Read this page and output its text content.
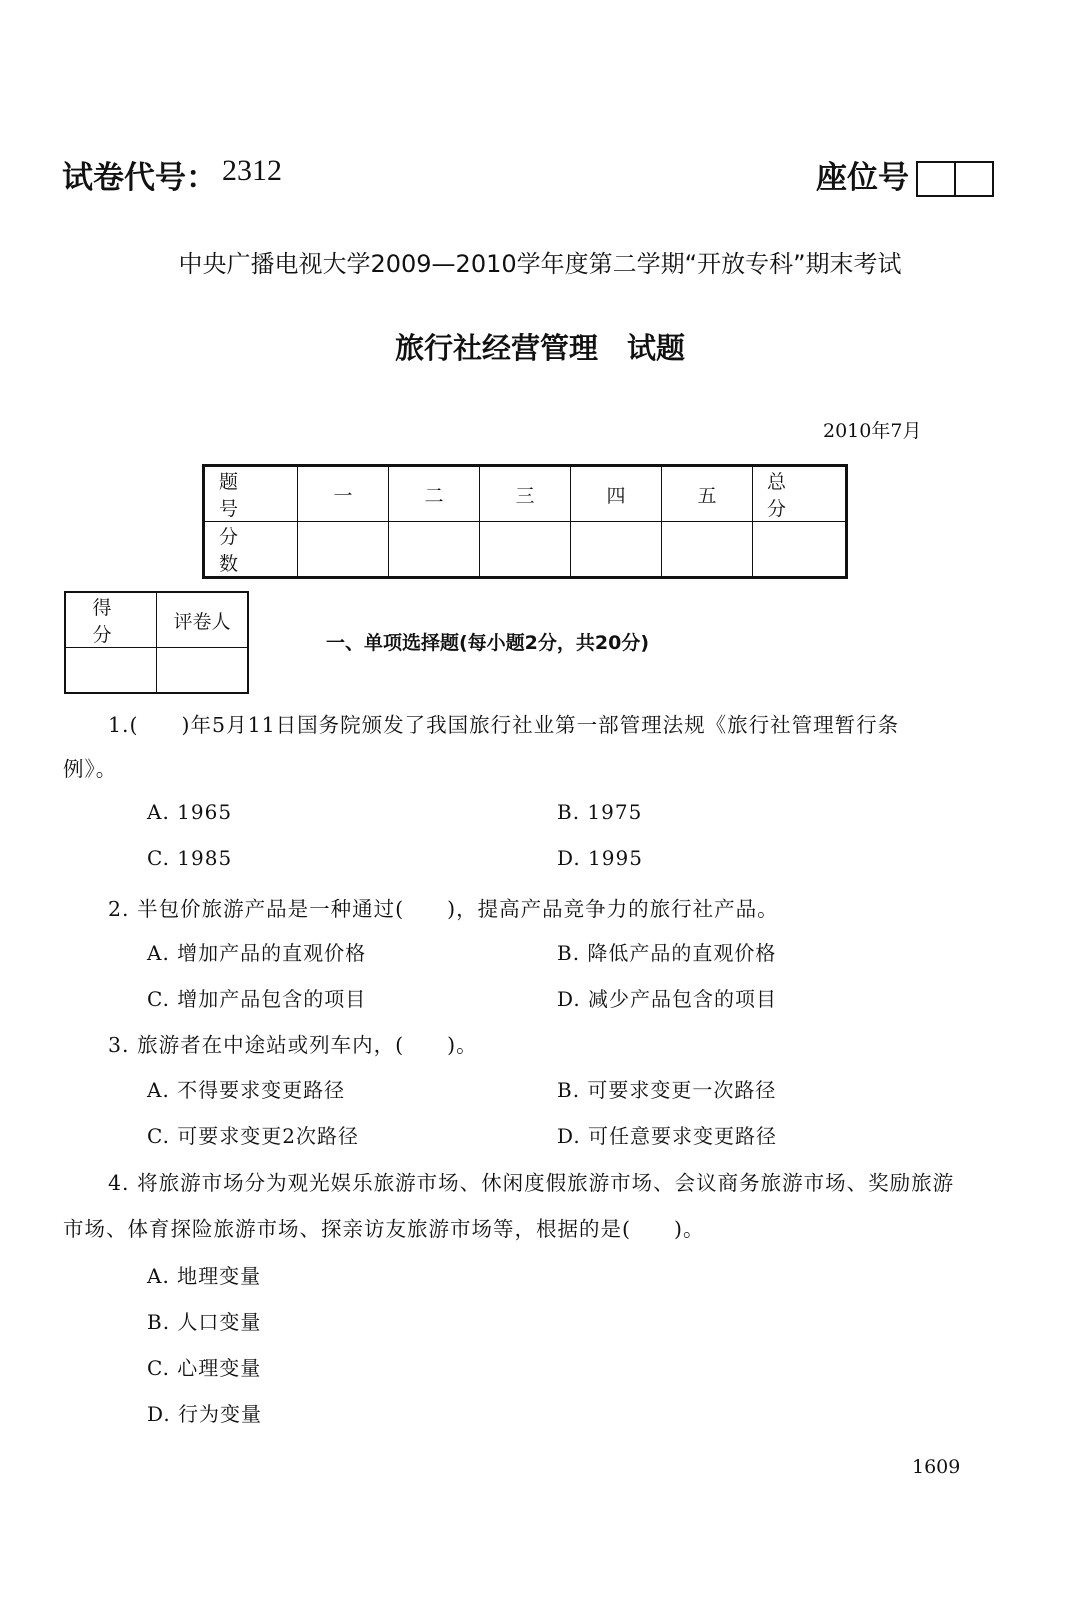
试卷代号： 2312	座位号
中央广播电视大学2009—2010学年度第二学期“开放专科”期末考试
旅行社经营管理　试题
2010年7月
题　号	一	二	三	四	五	总　分
分　数						
得　分	评卷人

一、单项选择题(每小题2分，共20分)
1.(　　)年5月11日国务院颁发了我国旅行社业第一部管理法规《旅行社管理暂行条
例》。
A. 1965	B. 1975
C. 1985	D. 1995
2. 半包价旅游产品是一种通过(　　)，提高产品竞争力的旅行社产品。
A. 增加产品的直观价格	B. 降低产品的直观价格
C. 增加产品包含的项目	D. 减少产品包含的项目
3. 旅游者在中途站或列车内，(　　)。
A. 不得要求变更路径	B. 可要求变更一次路径
C. 可要求变更2次路径	D. 可任意要求变更路径
4. 将旅游市场分为观光娱乐旅游市场、休闲度假旅游市场、会议商务旅游市场、奖励旅游
市场、体育探险旅游市场、探亲访友旅游市场等，根据的是(　　)。
A. 地理变量
B. 人口变量
C. 心理变量
D. 行为变量
1609
